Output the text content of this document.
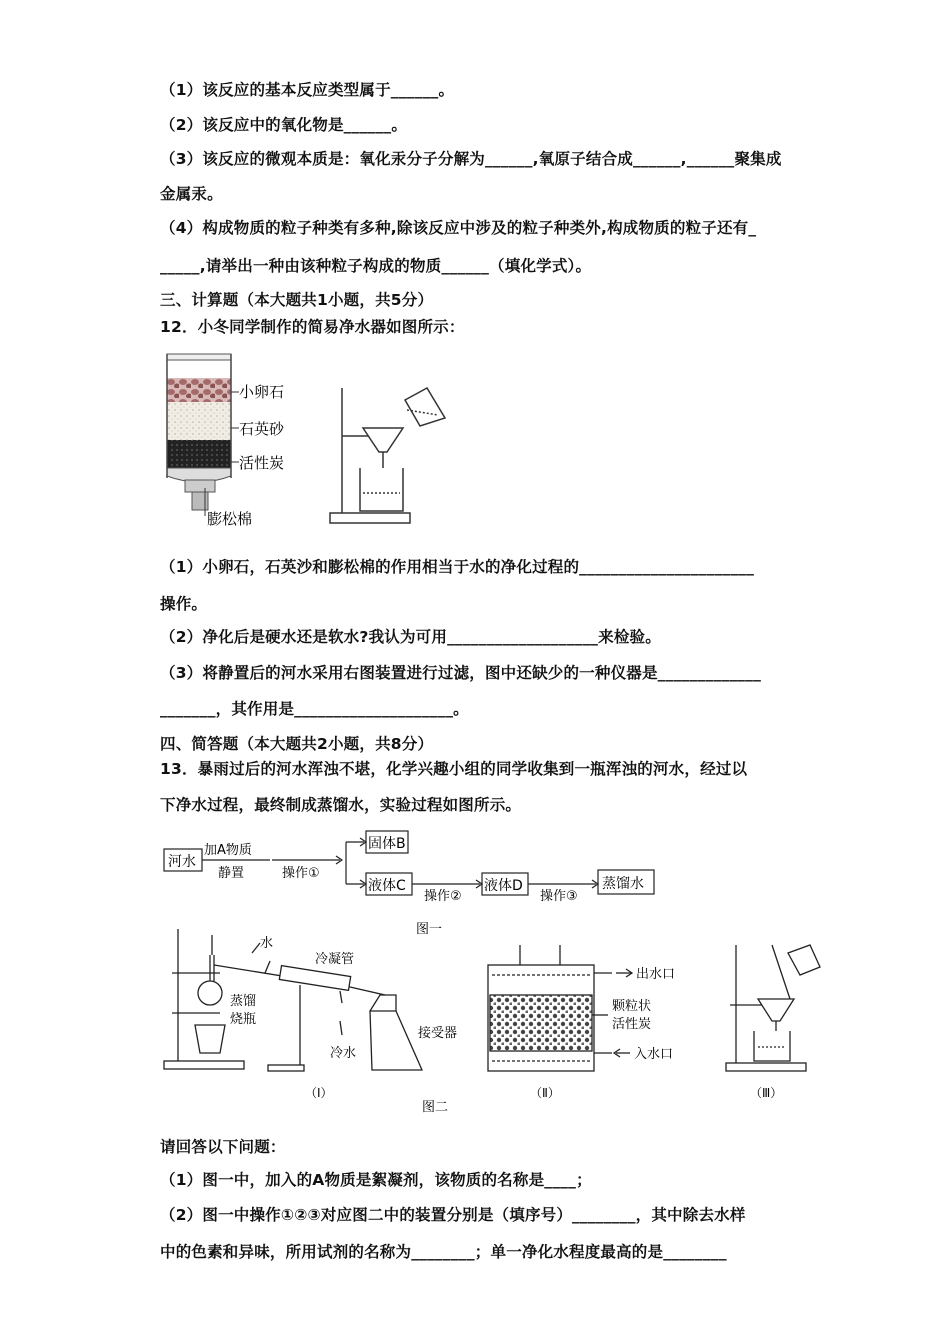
（1）该反应的基本反应类型属于______。
（2）该反应中的氧化物是______。
（3）该反应的微观本质是：氧化汞分子分解为______,氧原子结合成______,______聚集成
金属汞。
（4）构成物质的粒子种类有多种,除该反应中涉及的粒子种类外,构成物质的粒子还有_
_____,请举出一种由该种粒子构成的物质______（填化学式）。
三、计算题（本大题共1小题，共5分）
12．小冬同学制作的简易净水器如图所示：
小卵石
石英砂
活性炭
膨松棉
（1）小卵石，石英沙和膨松棉的作用相当于水的净化过程的______________________
操作。
（2）净化后是硬水还是软水?我认为可用___________________来检验。
（3）将静置后的河水采用右图装置进行过滤，图中还缺少的一种仪器是_____________
_______，其作用是____________________。
四、简答题（本大题共2小题，共8分）
13．暴雨过后的河水浑浊不堪，化学兴趣小组的同学收集到一瓶浑浊的河水，经过以
下净水过程，最终制成蒸馏水，实验过程如图所示。
河水
加A物质
静置	操作①
固体B
液体C
操作②
液体D
操作③
蒸馏水
图一
水
冷凝管
蒸馏
烧瓶
接受器
冷水
（Ⅰ）
出水口
颗粒状
活性炭
入水口
（Ⅱ）	（Ⅲ）
图二
请回答以下问题：
（1）图一中，加入的A物质是絮凝剂，该物质的名称是____；
（2）图一中操作①②③对应图二中的装置分别是（填序号）________，其中除去水样
中的色素和异味，所用试剂的名称为________；单一净化水程度最高的是________
